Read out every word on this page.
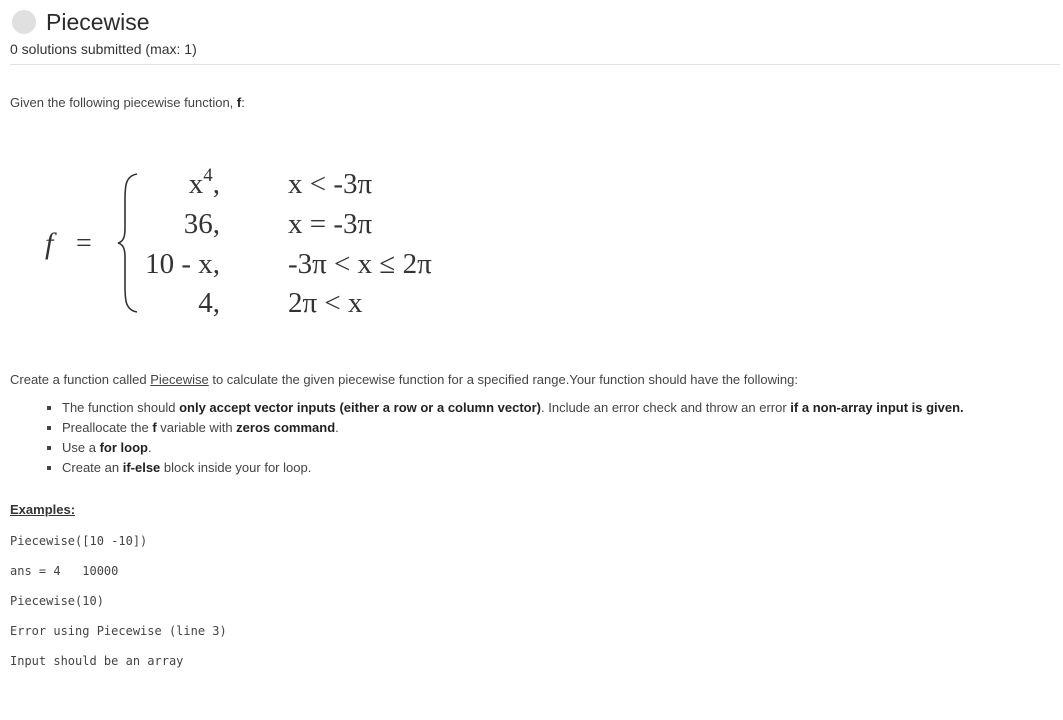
Piecewise
0 solutions submitted (max: 1)
Given the following piecewise function, f:
f =
$x^4$, x < -3π
36, x = -3π
10 - x, -3π < x ≤ 2π
4, 2π < x
Create a function called Piecewise to calculate the given piecewise function for a specified range.Your function should have the following:
▪ The function should only accept vector inputs (either a row or a column vector). Include an error check and throw an error if a non-array input is given.
▪ Preallocate the f variable with zeros command.
▪ Use a for loop.
▪ Create an if-else block inside your for loop.
Examples:
Piecewise([10 -10])
ans = 4   10000
Piecewise(10)
Error using Piecewise (line 3)
Input should be an array
